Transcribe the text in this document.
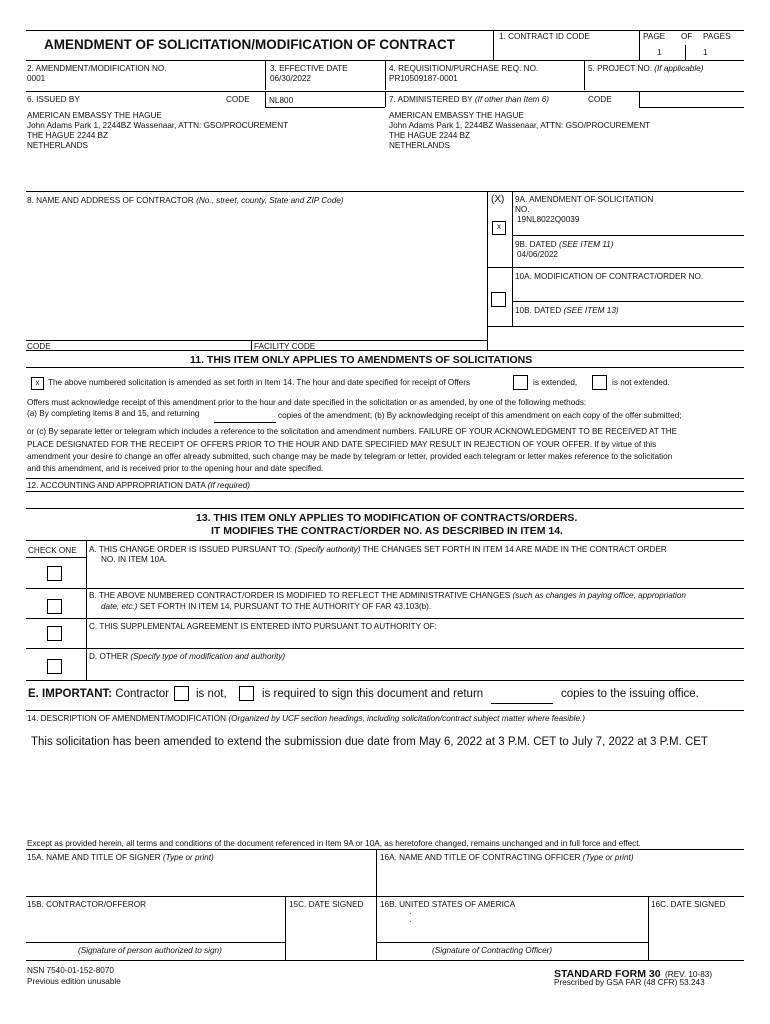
AMENDMENT OF SOLICITATION/MODIFICATION OF CONTRACT
1. CONTRACT ID CODE	PAGE OF PAGES
1	1
2. AMENDMENT/MODIFICATION NO.
0001
3. EFFECTIVE DATE
06/30/2022
4. REQUISITION/PURCHASE REQ. NO.
PR10509187-0001
5. PROJECT NO. (If applicable)
6. ISSUED BY	CODE NL800	7. ADMINISTERED BY (If other than Item 6)	CODE
AMERICAN EMBASSY THE HAGUE
John Adams Park 1, 2244BZ Wassenaar, ATTN: GSO/PROCUREMENT
THE HAGUE 2244 BZ
NETHERLANDS
AMERICAN EMBASSY THE HAGUE
John Adams Park 1, 2244BZ Wassenaar, ATTN: GSO/PROCUREMENT
THE HAGUE 2244 BZ
NETHERLANDS
8. NAME AND ADDRESS OF CONTRACTOR (No., street, county, State and ZIP Code)	(X)
x
9A. AMENDMENT OF SOLICITATION
NO.
19NL8022Q0039
9B. DATED (SEE ITEM 11)
04/06/2022
10A. MODIFICATION OF CONTRACT/ORDER NO.
10B. DATED (SEE ITEM 13)
CODE	FACILITY CODE
11. THIS ITEM ONLY APPLIES TO AMENDMENTS OF SOLICITATIONS
x	The above numbered solicitation is amended as set forth in Item 14. The hour and date specified for receipt of Offers	is extended,	is not extended.
Offers must acknowledge receipt of this amendment prior to the hour and date specified in the solicitation or as amended, by one of the following methods:
(a) By completing items 8 and 15, and returning	copies of the amendment; (b) By acknowledging receipt of this amendment on each copy of the offer submitted;
or (c) By separate letter or telegram which includes a reference to the solicitation and amendment numbers. FAILURE OF YOUR ACKNOWLEDGMENT TO BE RECEIVED AT THE
PLACE DESIGNATED FOR THE RECEIPT OF OFFERS PRIOR TO THE HOUR AND DATE SPECIFIED MAY RESULT IN REJECTION OF YOUR OFFER. If by virtue of this
amendment your desire to change an offer already submitted, such change may be made by telegram or letter, provided each telegram or letter makes reference to the solicitation
and this amendment, and is received prior to the opening hour and date specified.
12. ACCOUNTING AND APPROPRIATION DATA (If required)
13. THIS ITEM ONLY APPLIES TO MODIFICATION OF CONTRACTS/ORDERS.
IT MODIFIES THE CONTRACT/ORDER NO. AS DESCRIBED IN ITEM 14.
CHECK ONE A. THIS CHANGE ORDER IS ISSUED PURSUANT TO: (Specify authority) THE CHANGES SET FORTH IN ITEM 14 ARE MADE IN THE CONTRACT ORDER
NO. IN ITEM 10A.
B. THE ABOVE NUMBERED CONTRACT/ORDER IS MODIFIED TO REFLECT THE ADMINISTRATIVE CHANGES (such as changes in paying office, appropriation
date, etc.) SET FORTH IN ITEM 14, PURSUANT TO THE AUTHORITY OF FAR 43.103(b).
C. THIS SUPPLEMENTAL AGREEMENT IS ENTERED INTO PURSUANT TO AUTHORITY OF:
D. OTHER (Specify type of modification and authority)
E. IMPORTANT: Contractor is not,	is required to sign this document and return	copies to the issuing office.
14. DESCRIPTION OF AMENDMENT/MODIFICATION (Organized by UCF section headings, including solicitation/contract subject matter where feasible.)
This solicitation has been amended to extend the submission due date from May 6, 2022 at 3 P.M. CET to July 7, 2022 at 3 P.M. CET
Except as provided herein, all terms and conditions of the document referenced in Item 9A or 10A, as heretofore changed, remains unchanged and in full force and effect.
15A. NAME AND TITLE OF SIGNER (Type or print)	16A. NAME AND TITLE OF CONTRACTING OFFICER (Type or print)
15B. CONTRACTOR/OFFEROR	15C. DATE SIGNED 16B. UNITED STATES OF AMERICA
·
·
16C. DATE SIGNED
(Signature of person authorized to sign)	(Signature of Contracting Officer)
NSN 7540-01-152-8070
Previous edition unusable
STANDARD FORM 30 (REV. 10-83)
Prescribed by GSA FAR (48 CFR) 53.243
